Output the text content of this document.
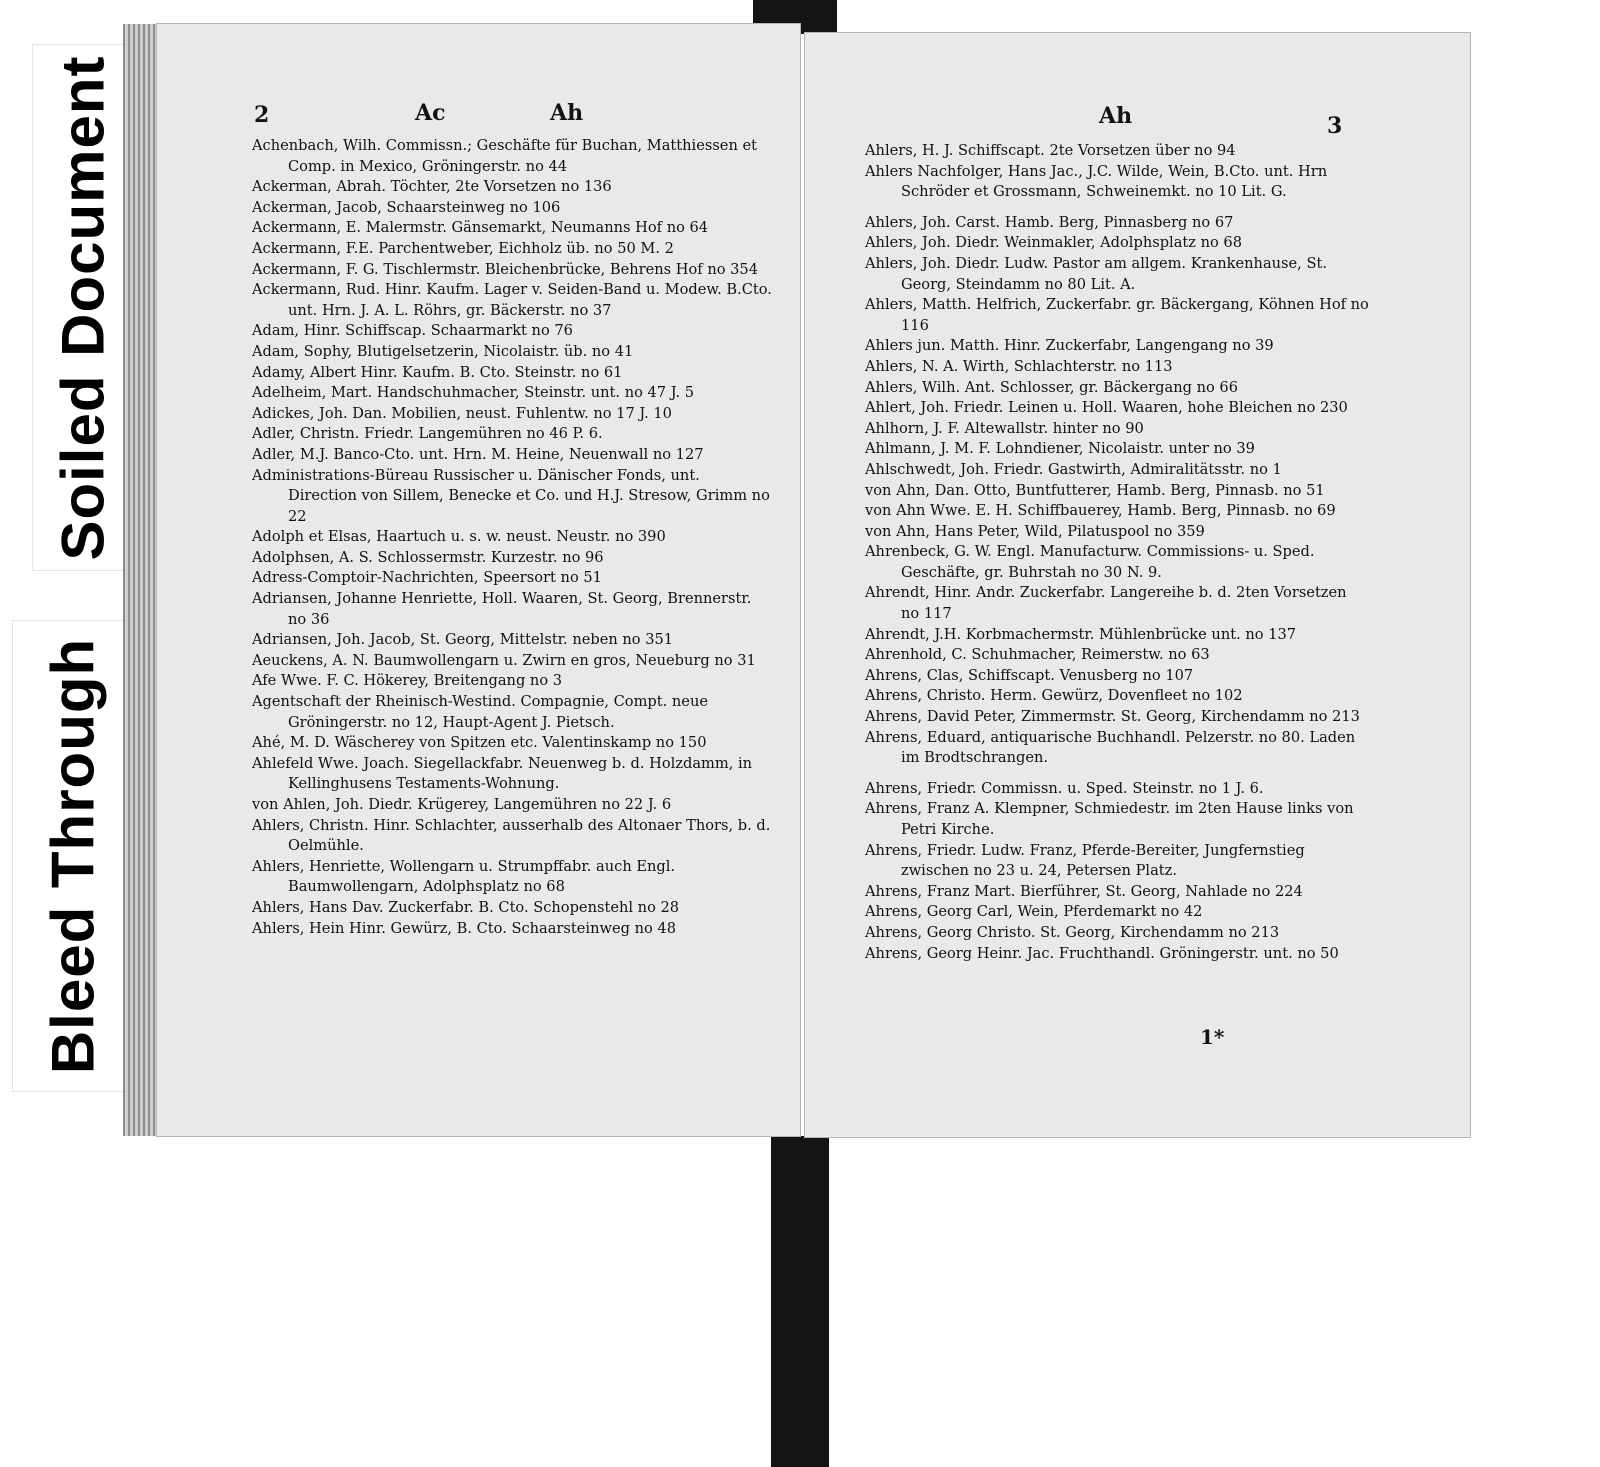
Soiled Document
Bleed Through
2	Ac	Ah
Achenbach, Wilh. Commissn.; Geschäfte für Buchan, Matthiessen et Comp. in Mexico, Gröningerstr. no 44
Ackerman, Abrah. Töchter, 2te Vorsetzen no 136
Ackerman, Jacob, Schaarsteinweg no 106
Ackermann, E. Malermstr. Gänsemarkt, Neumanns Hof no 64
Ackermann, F.E. Parchentweber, Eichholz üb. no 50 M. 2
Ackermann, F. G. Tischlermstr. Bleichenbrücke, Behrens Hof no 354
Ackermann, Rud. Hinr. Kaufm. Lager v. Seiden-Band u. Modew. B.Cto. unt. Hrn. J. A. L. Röhrs, gr. Bäckerstr. no 37
Adam, Hinr. Schiffscap. Schaarmarkt no 76
Adam, Sophy, Blutigelsetzerin, Nicolaistr. üb. no 41
Adamy, Albert Hinr. Kaufm. B. Cto. Steinstr. no 61
Adelheim, Mart. Handschuhmacher, Steinstr. unt. no 47 J. 5
Adickes, Joh. Dan. Mobilien, neust. Fuhlentw. no 17 J. 10
Adler, Christn. Friedr. Langemühren no 46 P. 6.
Adler, M.J. Banco-Cto. unt. Hrn. M. Heine, Neuenwall no 127
Administrations-Büreau Russischer u. Dänischer Fonds, unt. Direction von Sillem, Benecke et Co. und H.J. Stresow, Grimm no 22
Adolph et Elsas, Haartuch u. s. w. neust. Neustr. no 390
Adolphsen, A. S. Schlossermstr. Kurzestr. no 96
Adress-Comptoir-Nachrichten, Speersort no 51
Adriansen, Johanne Henriette, Holl. Waaren, St. Georg, Brennerstr. no 36
Adriansen, Joh. Jacob, St. Georg, Mittelstr. neben no 351
Aeuckens, A. N. Baumwollengarn u. Zwirn en gros, Neueburg no 31
Afe Wwe. F. C. Hökerey, Breitengang no 3
Agentschaft der Rheinisch-Westind. Compagnie, Compt. neue Gröningerstr. no 12, Haupt-Agent J. Pietsch.
Ahé, M. D. Wäscherey von Spitzen etc. Valentinskamp no 150
Ahlefeld Wwe. Joach. Siegellackfabr. Neuenweg b. d. Holzdamm, in Kellinghusens Testaments-Wohnung.
von Ahlen, Joh. Diedr. Krügerey, Langemühren no 22 J. 6
Ahlers, Christn. Hinr. Schlachter, ausserhalb des Altonaer Thors, b. d. Oelmühle.
Ahlers, Henriette, Wollengarn u. Strumpffabr. auch Engl. Baumwollengarn, Adolphsplatz no 68
Ahlers, Hans Dav. Zuckerfabr. B. Cto. Schopenstehl no 28
Ahlers, Hein Hinr. Gewürz, B. Cto. Schaarsteinweg no 48
Ah	3
Ahlers, H. J. Schiffscapt. 2te Vorsetzen über no 94
Ahlers Nachfolger, Hans Jac., J.C. Wilde, Wein, B.Cto. unt. Hrn Schröder et Grossmann, Schweinemkt. no 10 Lit. G.
Ahlers, Joh. Carst. Hamb. Berg, Pinnasberg no 67
Ahlers, Joh. Diedr. Weinmakler, Adolphsplatz no 68
Ahlers, Joh. Diedr. Ludw. Pastor am allgem. Krankenhause, St. Georg, Steindamm no 80 Lit. A.
Ahlers, Matth. Helfrich, Zuckerfabr. gr. Bäckergang, Köhnen Hof no 116
Ahlers jun. Matth. Hinr. Zuckerfabr, Langengang no 39
Ahlers, N. A. Wirth, Schlachterstr. no 113
Ahlers, Wilh. Ant. Schlosser, gr. Bäckergang no 66
Ahlert, Joh. Friedr. Leinen u. Holl. Waaren, hohe Bleichen no 230
Ahlhorn, J. F. Altewallstr. hinter no 90
Ahlmann, J. M. F. Lohndiener, Nicolaistr. unter no 39
Ahlschwedt, Joh. Friedr. Gastwirth, Admiralitätsstr. no 1
von Ahn, Dan. Otto, Buntfutterer, Hamb. Berg, Pinnasb. no 51
von Ahn Wwe. E. H. Schiffbauerey, Hamb. Berg, Pinnasb. no 69
von Ahn, Hans Peter, Wild, Pilatuspool no 359
Ahrenbeck, G. W. Engl. Manufacturw. Commissions- u. Sped. Geschäfte, gr. Buhrstah no 30 N. 9.
Ahrendt, Hinr. Andr. Zuckerfabr. Langereihe b. d. 2ten Vorsetzen no 117
Ahrendt, J.H. Korbmachermstr. Mühlenbrücke unt. no 137
Ahrenhold, C. Schuhmacher, Reimerstw. no 63
Ahrens, Clas, Schiffscapt. Venusberg no 107
Ahrens, Christo. Herm. Gewürz, Dovenfleet no 102
Ahrens, David Peter, Zimmermstr. St. Georg, Kirchendamm no 213
Ahrens, Eduard, antiquarische Buchhandl. Pelzerstr. no 80. Laden im Brodtschrangen.
Ahrens, Friedr. Commissn. u. Sped. Steinstr. no 1 J. 6.
Ahrens, Franz A. Klempner, Schmiedestr. im 2ten Hause links von Petri Kirche.
Ahrens, Friedr. Ludw. Franz, Pferde-Bereiter, Jungfernstieg zwischen no 23 u. 24, Petersen Platz.
Ahrens, Franz Mart. Bierführer, St. Georg, Nahlade no 224
Ahrens, Georg Carl, Wein, Pferdemarkt no 42
Ahrens, Georg Christo. St. Georg, Kirchendamm no 213
Ahrens, Georg Heinr. Jac. Fruchthandl. Gröningerstr. unt. no 50
1*
